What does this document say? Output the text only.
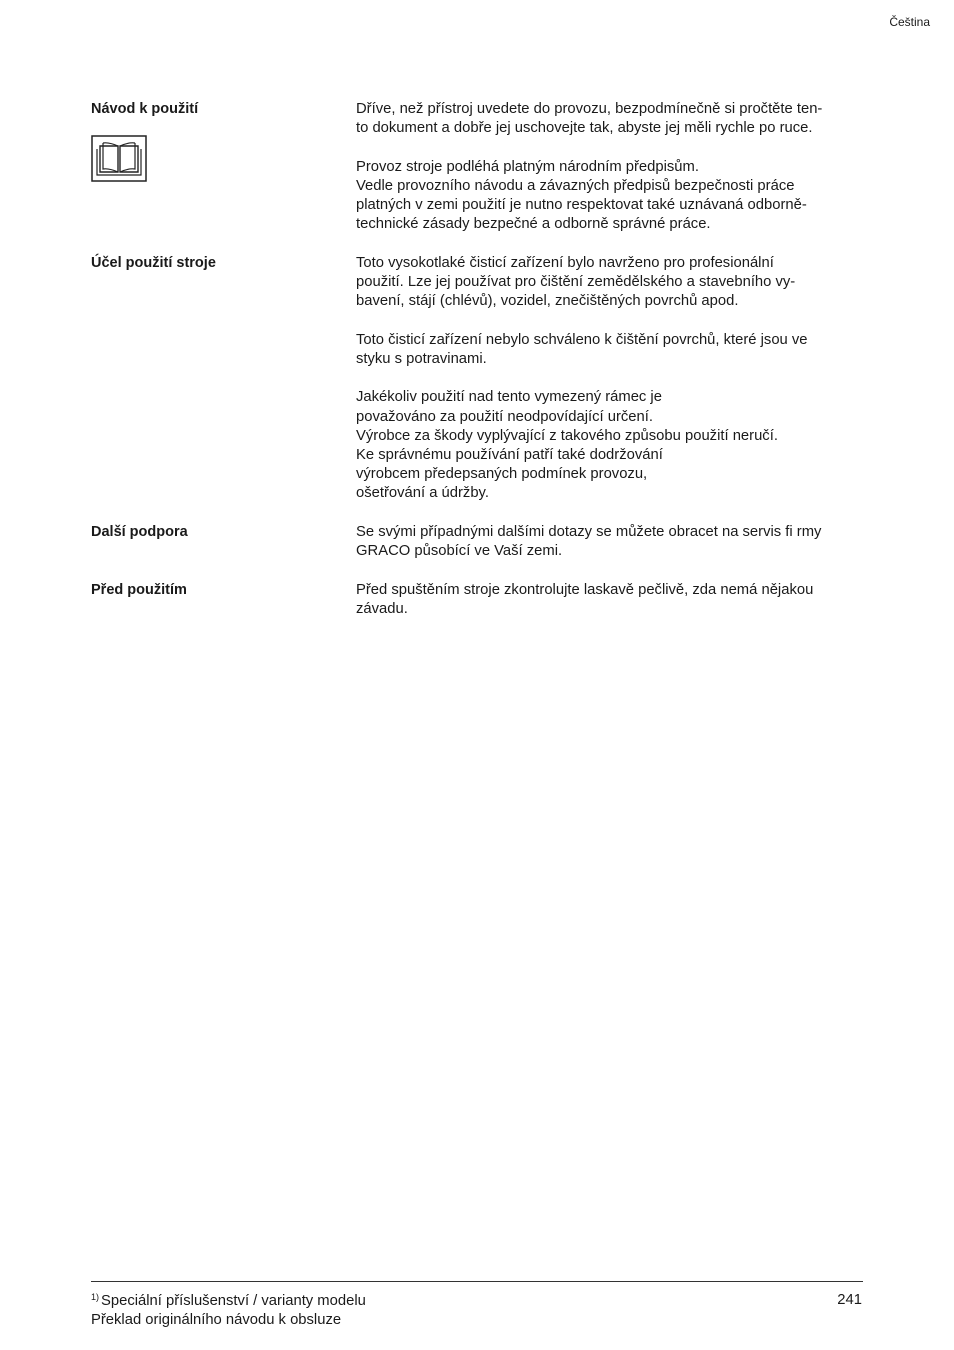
Čeština
Návod k použití	Dříve, než přístroj uvedete do provozu, bezpodmínečně si pročtěte ten-
to dokument a dobře jej uschovejte tak, abyste jej měli rychle po ruce.

Provoz stroje podléhá platným národním předpisům.
Vedle provozního návodu a závazných předpisů bezpečnosti práce
platných v zemi použití je nutno respektovat také uznávaná odborně-
technické zásady bezpečné a odborně správné práce.

Účel použití stroje	Toto vysokotlaké čisticí zařízení bylo navrženo pro profesionální
použití. Lze jej používat pro čištění zemědělského a stavebního vy-
bavení, stájí (chlévů), vozidel, znečištěných povrchů apod.

Toto čisticí zařízení nebylo schváleno k čištění povrchů, které jsou ve
styku s potravinami.

Jakékoliv použití nad tento vymezený rámec je
považováno za použití neodpovídající určení.
Výrobce za škody vyplývající z takového způsobu použití neručí.
Ke správnému používání patří také dodržování
výrobcem předepsaných podmínek provozu,
ošetřování a údržby.

Další podpora	Se svými případnými dalšími dotazy se můžete obracet na servis fi rmy
GRACO působící ve Vaší zemi.

Před použitím	Před spuštěním stroje zkontrolujte laskavě pečlivě, zda nemá nějakou
závadu.

$^{1)}$ Speciální příslušenství / varianty modelu
Překlad originálního návodu k obsluze
241
